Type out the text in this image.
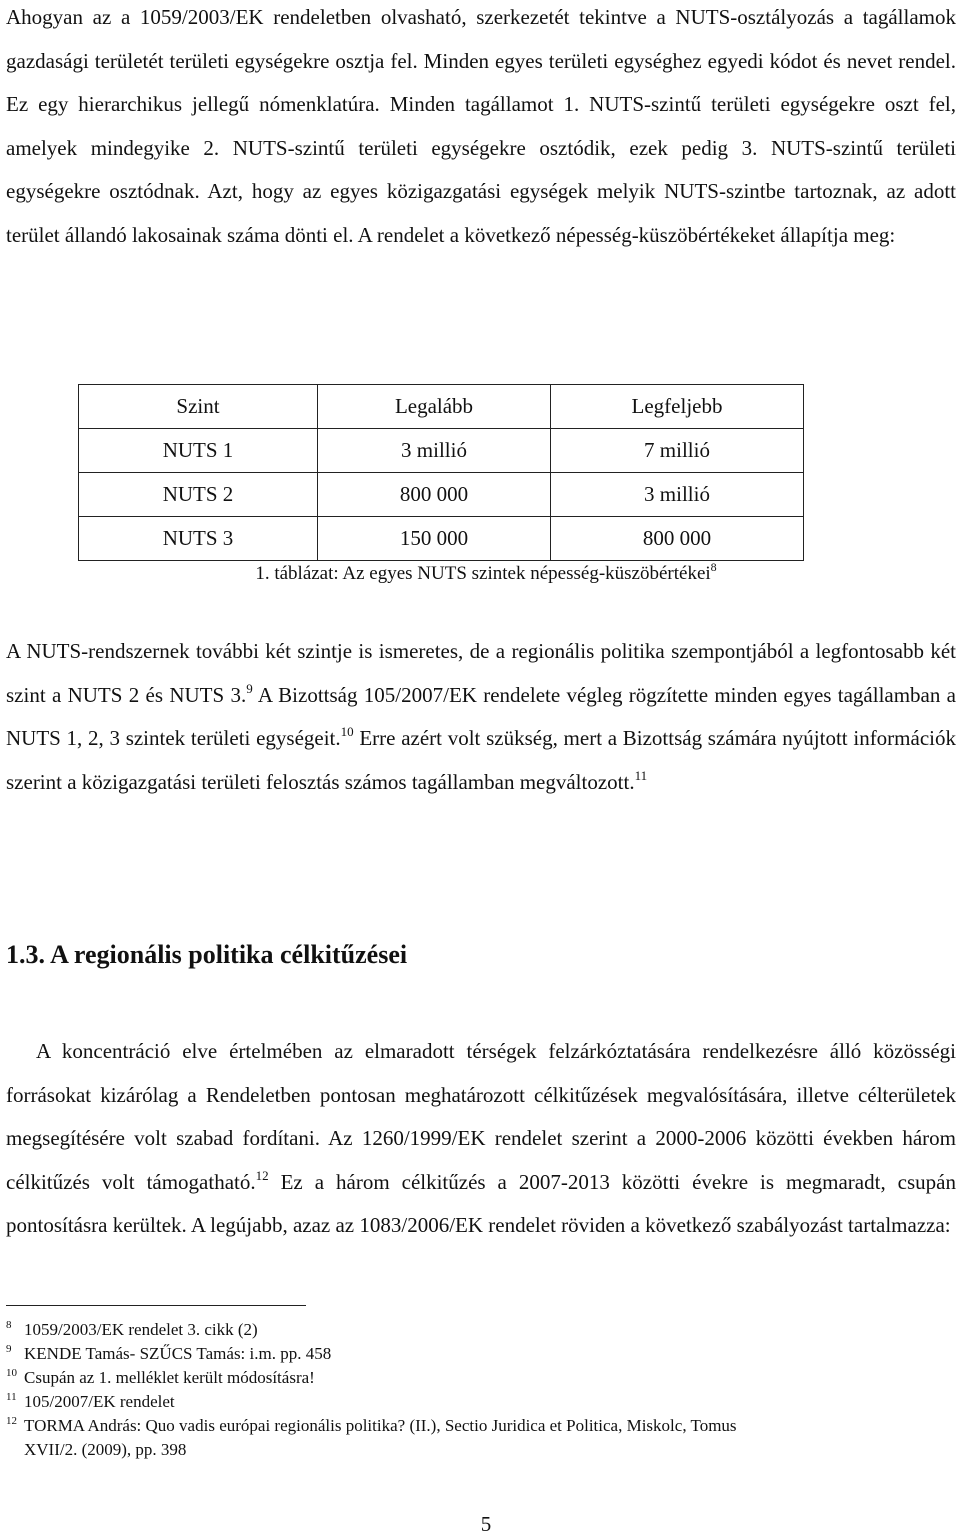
Ahogyan az a 1059/2003/EK rendeletben olvasható, szerkezetét tekintve a NUTS-osztályozás a tagállamok gazdasági területét területi egységekre osztja fel. Minden egyes területi egységhez egyedi kódot és nevet rendel. Ez egy hierarchikus jellegű nómenklatúra. Minden tagállamot 1. NUTS-szintű területi egységekre oszt fel, amelyek mindegyike 2. NUTS-szintű területi egységekre osztódik, ezek pedig 3. NUTS-szintű területi egységekre osztódnak. Azt, hogy az egyes közigazgatási egységek melyik NUTS-szintbe tartoznak, az adott terület állandó lakosainak száma dönti el. A rendelet a következő népesség-küszöbértékeket állapítja meg:

Szint	Legalább	Legfeljebb
NUTS 1	3 millió	7 millió
NUTS 2	800 000	3 millió
NUTS 3	150 000	800 000
1. táblázat: Az egyes NUTS szintek népesség-küszöbértékei$^8$

A NUTS-rendszernek további két szintje is ismeretes, de a regionális politika szempontjából a legfontosabb két szint a NUTS 2 és NUTS 3.$^9$ A Bizottság 105/2007/EK rendelete végleg rögzítette minden egyes tagállamban a NUTS 1, 2, 3 szintek területi egységeit.$^{10}$ Erre azért volt szükség, mert a Bizottság számára nyújtott információk szerint a közigazgatási területi felosztás számos tagállamban megváltozott.$^{11}$

1.3. A regionális politika célkitűzései

A koncentráció elve értelmében az elmaradott térségek felzárkóztatására rendelkezésre álló közösségi forrásokat kizárólag a Rendeletben pontosan meghatározott célkitűzések megvalósítására, illetve célterületek megsegítésére volt szabad fordítani. Az 1260/1999/EK rendelet szerint a 2000-2006 közötti években három célkitűzés volt támogatható.$^{12}$ Ez a három célkitűzés a 2007-2013 közötti évekre is megmaradt, csupán pontosításra kerültek. A legújabb, azaz az 1083/2006/EK rendelet röviden a következő szabályozást tartalmazza:

8 1059/2003/EK rendelet 3. cikk (2)
9 KENDE Tamás- SZŰCS Tamás: i.m. pp. 458
10 Csupán az 1. melléklet került módosításra!
11 105/2007/EK rendelet
12 TORMA András: Quo vadis európai regionális politika? (II.), Sectio Juridica et Politica, Miskolc, Tomus
XVII/2. (2009), pp. 398
5
